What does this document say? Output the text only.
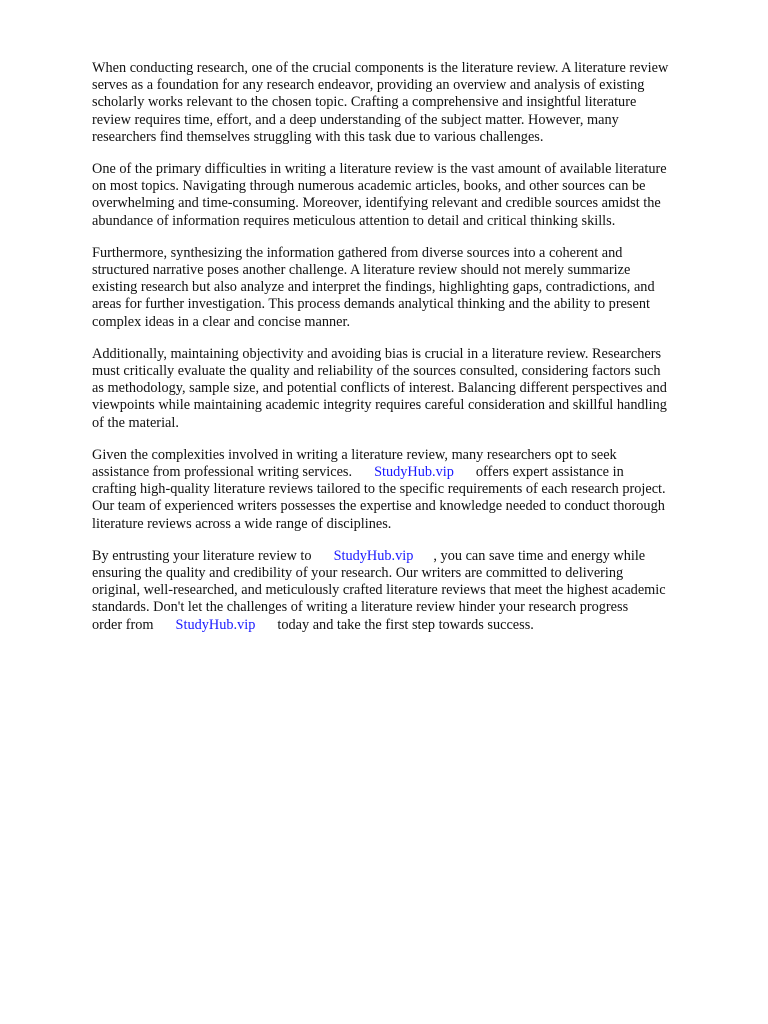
When conducting research, one of the crucial components is the literature review. A literature review
serves as a foundation for any research endeavor, providing an overview and analysis of existing
scholarly works relevant to the chosen topic. Crafting a comprehensive and insightful literature
review requires time, effort, and a deep understanding of the subject matter. However, many
researchers find themselves struggling with this task due to various challenges.

One of the primary difficulties in writing a literature review is the vast amount of available literature
on most topics. Navigating through numerous academic articles, books, and other sources can be
overwhelming and time-consuming. Moreover, identifying relevant and credible sources amidst the
abundance of information requires meticulous attention to detail and critical thinking skills.

Furthermore, synthesizing the information gathered from diverse sources into a coherent and
structured narrative poses another challenge. A literature review should not merely summarize
existing research but also analyze and interpret the findings, highlighting gaps, contradictions, and
areas for further investigation. This process demands analytical thinking and the ability to present
complex ideas in a clear and concise manner.

Additionally, maintaining objectivity and avoiding bias is crucial in a literature review. Researchers
must critically evaluate the quality and reliability of the sources consulted, considering factors such
as methodology, sample size, and potential conflicts of interest. Balancing different perspectives and
viewpoints while maintaining academic integrity requires careful consideration and skillful handling
of the material.

Given the complexities involved in writing a literature review, many researchers opt to seek
assistance from professional writing services. StudyHub.vip offers expert assistance in
crafting high-quality literature reviews tailored to the specific requirements of each research project.
Our team of experienced writers possesses the expertise and knowledge needed to conduct thorough
literature reviews across a wide range of disciplines.

By entrusting your literature review to StudyHub.vip , you can save time and energy while
ensuring the quality and credibility of your research. Our writers are committed to delivering
original, well-researched, and meticulously crafted literature reviews that meet the highest academic
standards. Don't let the challenges of writing a literature review hinder your research progress
order from StudyHub.vip today and take the first step towards success.
